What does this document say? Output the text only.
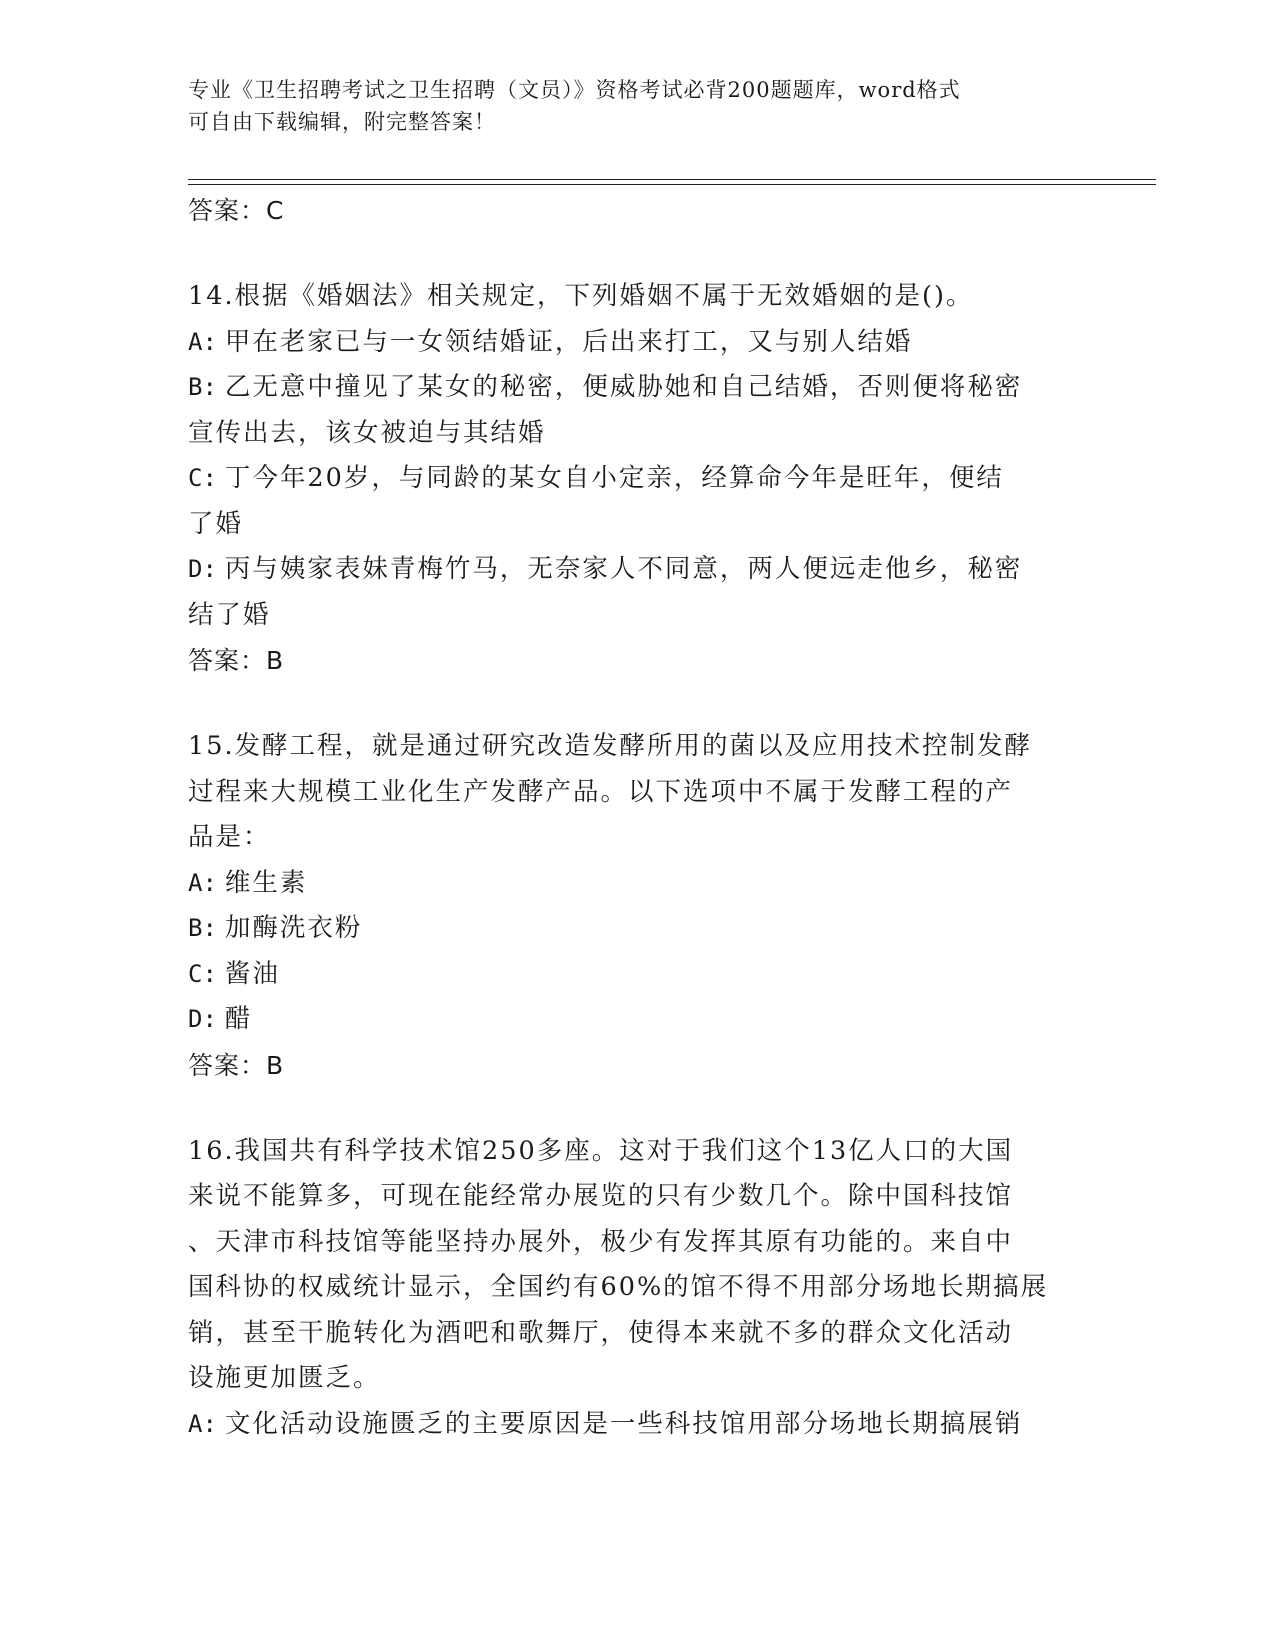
专业《卫生招聘考试之卫生招聘（文员）》资格考试必背200题题库，word格式
可自由下载编辑，附完整答案！
答案：C
14.根据《婚姻法》相关规定，下列婚姻不属于无效婚姻的是()。
A: 甲在老家已与一女领结婚证，后出来打工，又与别人结婚
B: 乙无意中撞见了某女的秘密，便威胁她和自己结婚，否则便将秘密
宣传出去，该女被迫与其结婚
C: 丁今年20岁，与同龄的某女自小定亲，经算命今年是旺年，便结
了婚
D: 丙与姨家表妹青梅竹马，无奈家人不同意，两人便远走他乡，秘密
结了婚
答案：B
15.发酵工程，就是通过研究改造发酵所用的菌以及应用技术控制发酵
过程来大规模工业化生产发酵产品。以下选项中不属于发酵工程的产
品是：
A: 维生素
B: 加酶洗衣粉
C: 酱油
D: 醋
答案：B
16.我国共有科学技术馆250多座。这对于我们这个13亿人口的大国
来说不能算多，可现在能经常办展览的只有少数几个。除中国科技馆
、天津市科技馆等能坚持办展外，极少有发挥其原有功能的。来自中
国科协的权威统计显示，全国约有60%的馆不得不用部分场地长期搞展
销，甚至干脆转化为酒吧和歌舞厅，使得本来就不多的群众文化活动
设施更加匮乏。
A: 文化活动设施匮乏的主要原因是一些科技馆用部分场地长期搞展销
